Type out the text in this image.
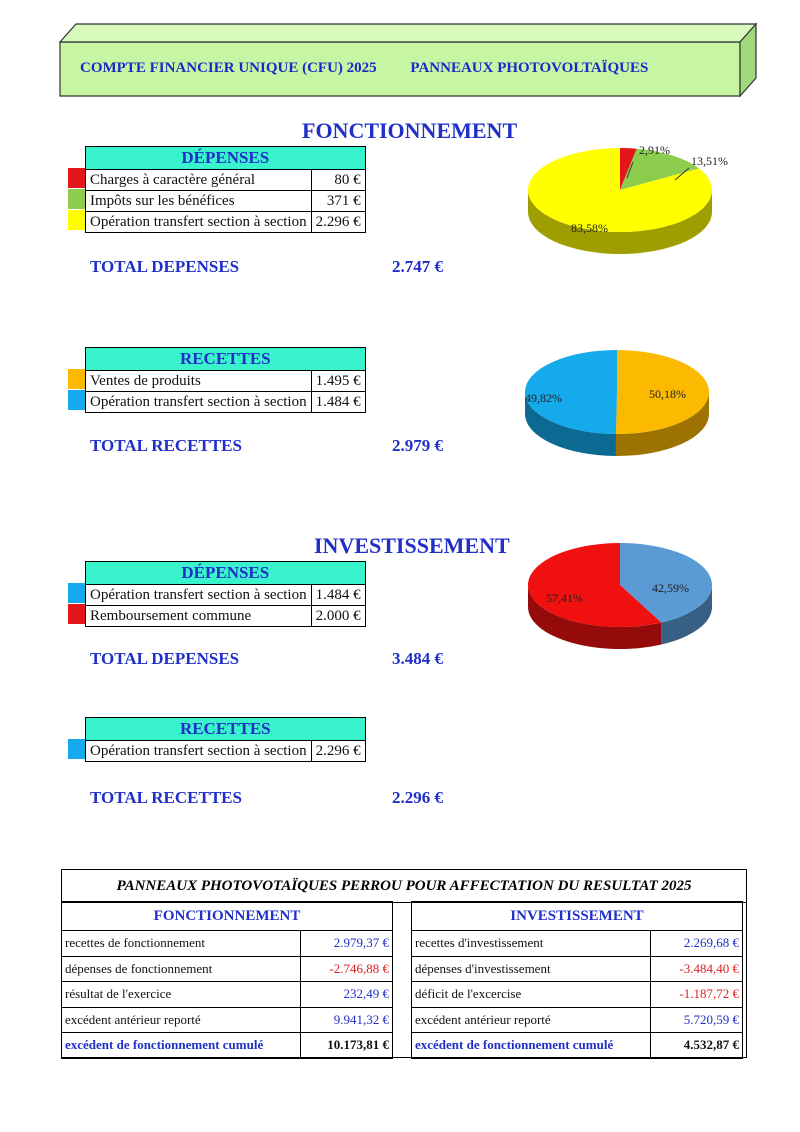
COMPTE FINANCIER UNIQUE (CFU) 2025 PANNEAUX PHOTOVOLTAÏQUES
FONCTIONNEMENT
DÉPENSES	
Charges à caractère général	80 €
Impôts sur les bénéfices	371 €
Opération transfert section à section	2.296 €
TOTAL DEPENSES	2.747 €
2,91%
13,51%
83,58%
RECETTES	
Ventes de produits	1.495 €
Opération transfert section à section	1.484 €
TOTAL RECETTES	2.979 €
50,18%
49,82%
INVESTISSEMENT
DÉPENSES	
Opération transfert section à section	1.484 €
Remboursement commune	2.000 €
TOTAL DEPENSES	3.484 €
42,59%
57,41%
RECETTES
Opération transfert section à section	2.296 €
TOTAL RECETTES	2.296 €
PANNEAUX PHOTOVOTAÏQUES PERROU POUR AFFECTATION DU RESULTAT 2025
FONCTIONNEMENT	
recettes de fonctionnement	2.979,37 €
dépenses de fonctionnement	-2.746,88 €
résultat de l'exercice	232,49 €
excédent antérieur reporté	9.941,32 €
excédent de fonctionnement cumulé	10.173,81 €
INVESTISSEMENT	
recettes d'investissement	2.269,68 €
dépenses d'investissement	-3.484,40 €
déficit de l'excercise	-1.187,72 €
excédent antérieur reporté	5.720,59 €
excédent de fonctionnement cumulé	4.532,87 €
